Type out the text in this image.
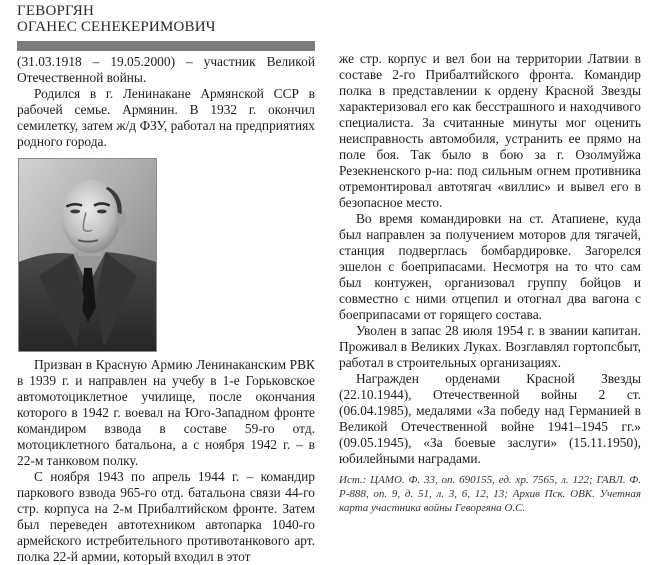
ГЕВОРГЯН
ОГАНЕС СЕНЕКЕРИМОВИЧ

(31.03.1918 – 19.05.2000) – участник Великой Отечественной войны.

Родился в г. Ленинакане Армянской ССР в рабочей семье. Армянин. В 1932 г. окончил семилетку, затем ж/д ФЗУ, работал на предприятиях родного города.

Призван в Красную Армию Ленинаканским РВК в 1939 г. и направлен на учебу в 1-е Горьковское автомотоциклетное училище, после окончания которого в 1942 г. воевал на Юго-Западном фронте командиром взвода в составе 59-го отд. мотоциклетного батальона, а с ноября 1942 г. – в 22-м танковом полку.

С ноября 1943 по апрель 1944 г. – командир паркового взвода 965-го отд. батальона связи 44-го стр. корпуса на 2-м Прибалтийском фронте. Затем был переведен автотехником автопарка 1040-го армейского истребительного противотанкового арт. полка 22-й армии, который входил в этот

же стр. корпус и вел бои на территории Латвии в составе 2-го Прибалтийского фронта. Командир полка в представлении к ордену Красной Звезды характеризовал его как бесстрашного и находчивого специалиста. За считанные минуты мог оценить неисправность автомобиля, устранить ее прямо на поле боя. Так было в бою за г. Озолмуйжа Резекненского р-на: под сильным огнем противника отремонтировал автотягач «виллис» и вывел его в безопасное место.

Во время командировки на ст. Атапиене, куда был направлен за получением моторов для тягачей, станция подверглась бомбардировке. Загорелся эшелон с боеприпасами. Несмотря на то что сам был контужен, организовал группу бойцов и совместно с ними отцепил и отогнал два вагона с боеприпасами от горящего состава.

Уволен в запас 28 июля 1954 г. в звании капитан. Проживал в Великих Луках. Возглавлял гортопсбыт, работал в строительных организациях.

Награжден орденами Красной Звезды (22.10.1944), Отечественной войны 2 ст. (06.04.1985), медалями «За победу над Германией в Великой Отечественной войне 1941–1945 гг.» (09.05.1945), «За боевые заслуги» (15.11.1950), юбилейными наградами.

Ист.: ЦАМО. Ф. 33, оп. 690155, ед. хр. 7565, л. 122; ГАВЛ. Ф. Р-888, оп. 9, д. 51, л. 3, 6, 12, 13; Архив Пск. ОВК. Учетная карта участника войны Геворгяна О.С.
